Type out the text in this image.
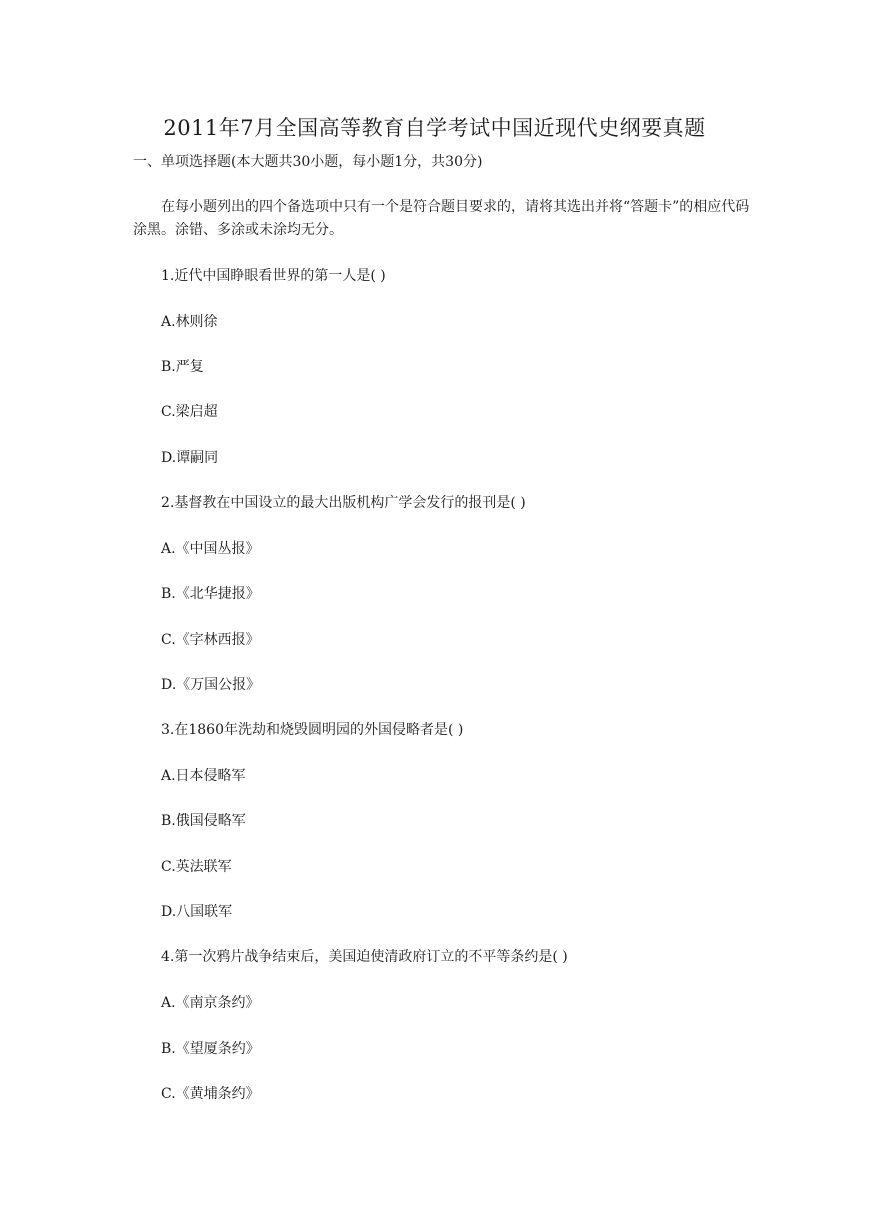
2011年7月全国高等教育自学考试中国近现代史纲要真题
一、单项选择题(本大题共30小题，每小题1分，共30分)
在每小题列出的四个备选项中只有一个是符合题目要求的，请将其选出并将“答题卡”的相应代码涂黑。涂错、多涂或未涂均无分。
1.近代中国睁眼看世界的第一人是( )
A.林则徐
B.严复
C.梁启超
D.谭嗣同
2.基督教在中国设立的最大出版机构广学会发行的报刊是( )
A.《中国丛报》
B.《北华捷报》
C.《字林西报》
D.《万国公报》
3.在1860年洗劫和烧毁圆明园的外国侵略者是( )
A.日本侵略军
B.俄国侵略军
C.英法联军
D.八国联军
4.第一次鸦片战争结束后，美国迫使清政府订立的不平等条约是( )
A.《南京条约》
B.《望厦条约》
C.《黄埔条约》
